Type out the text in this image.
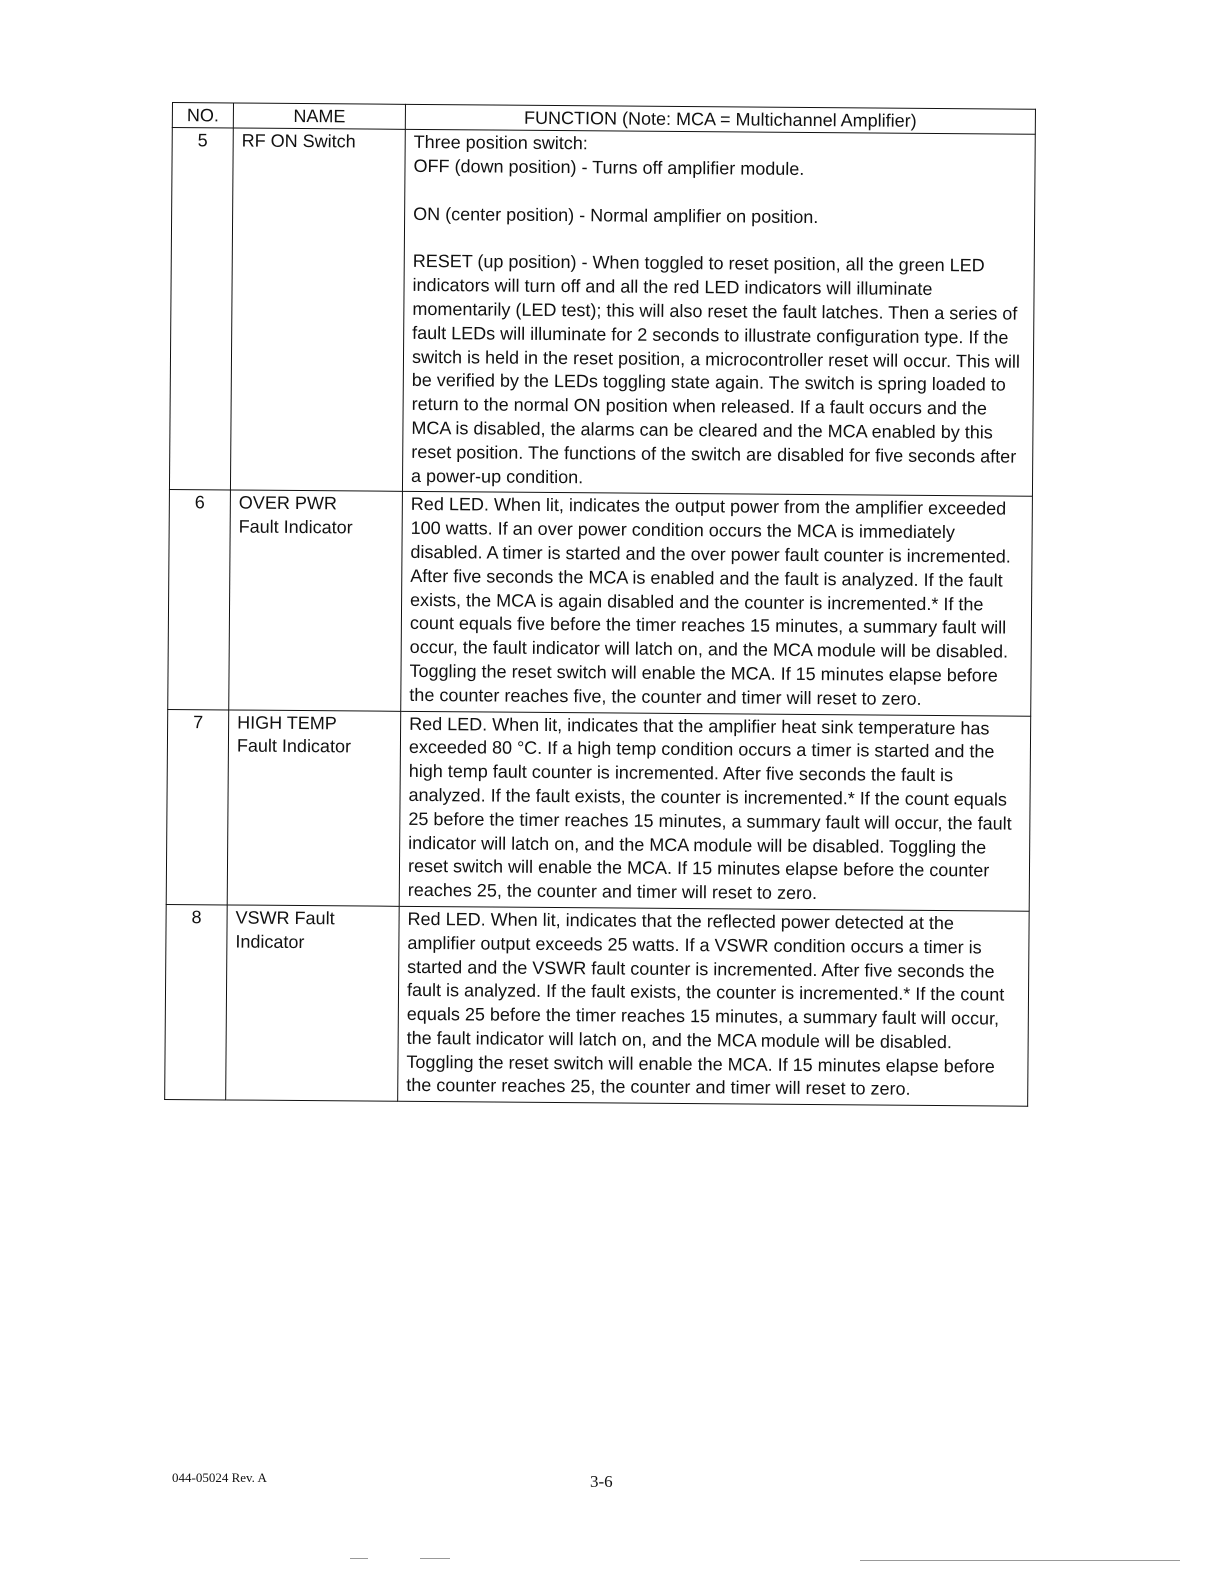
NO.	NAME	FUNCTION (Note: MCA = Multichannel Amplifier)
5	RF ON Switch	Three position switch:
OFF (down position) - Turns off amplifier module.

ON (center position) - Normal amplifier on position.

RESET (up position) - When toggled to reset position, all the green LED indicators will turn off and all the red LED indicators will illuminate momentarily (LED test); this will also reset the fault latches. Then a series of fault LEDs will illuminate for 2 seconds to illustrate configuration type. If the switch is held in the reset position, a microcontroller reset will occur. This will be verified by the LEDs toggling state again. The switch is spring loaded to return to the normal ON position when released. If a fault occurs and the MCA is disabled, the alarms can be cleared and the MCA enabled by this reset position. The functions of the switch are disabled for five seconds after a power-up condition.

6	OVER PWR
Fault Indicator	Red LED. When lit, indicates the output power from the amplifier exceeded 100 watts. If an over power condition occurs the MCA is immediately disabled. A timer is started and the over power fault counter is incremented. After five seconds the MCA is enabled and the fault is analyzed. If the fault exists, the MCA is again disabled and the counter is incremented.* If the count equals five before the timer reaches 15 minutes, a summary fault will occur, the fault indicator will latch on, and the MCA module will be disabled. Toggling the reset switch will enable the MCA. If 15 minutes elapse before the counter reaches five, the counter and timer will reset to zero.

7	HIGH TEMP
Fault Indicator	Red LED. When lit, indicates that the amplifier heat sink temperature has exceeded 80 °C. If a high temp condition occurs a timer is started and the high temp fault counter is incremented. After five seconds the fault is analyzed. If the fault exists, the counter is incremented.* If the count equals 25 before the timer reaches 15 minutes, a summary fault will occur, the fault indicator will latch on, and the MCA module will be disabled. Toggling the reset switch will enable the MCA. If 15 minutes elapse before the counter reaches 25, the counter and timer will reset to zero.

8	VSWR Fault
Indicator	Red LED. When lit, indicates that the reflected power detected at the amplifier output exceeds 25 watts. If a VSWR condition occurs a timer is started and the VSWR fault counter is incremented. After five seconds the fault is analyzed. If the fault exists, the counter is incremented.* If the count equals 25 before the timer reaches 15 minutes, a summary fault will occur, the fault indicator will latch on, and the MCA module will be disabled. Toggling the reset switch will enable the MCA. If 15 minutes elapse before the counter reaches 25, the counter and timer will reset to zero.

044-05024 Rev. A	3-6
